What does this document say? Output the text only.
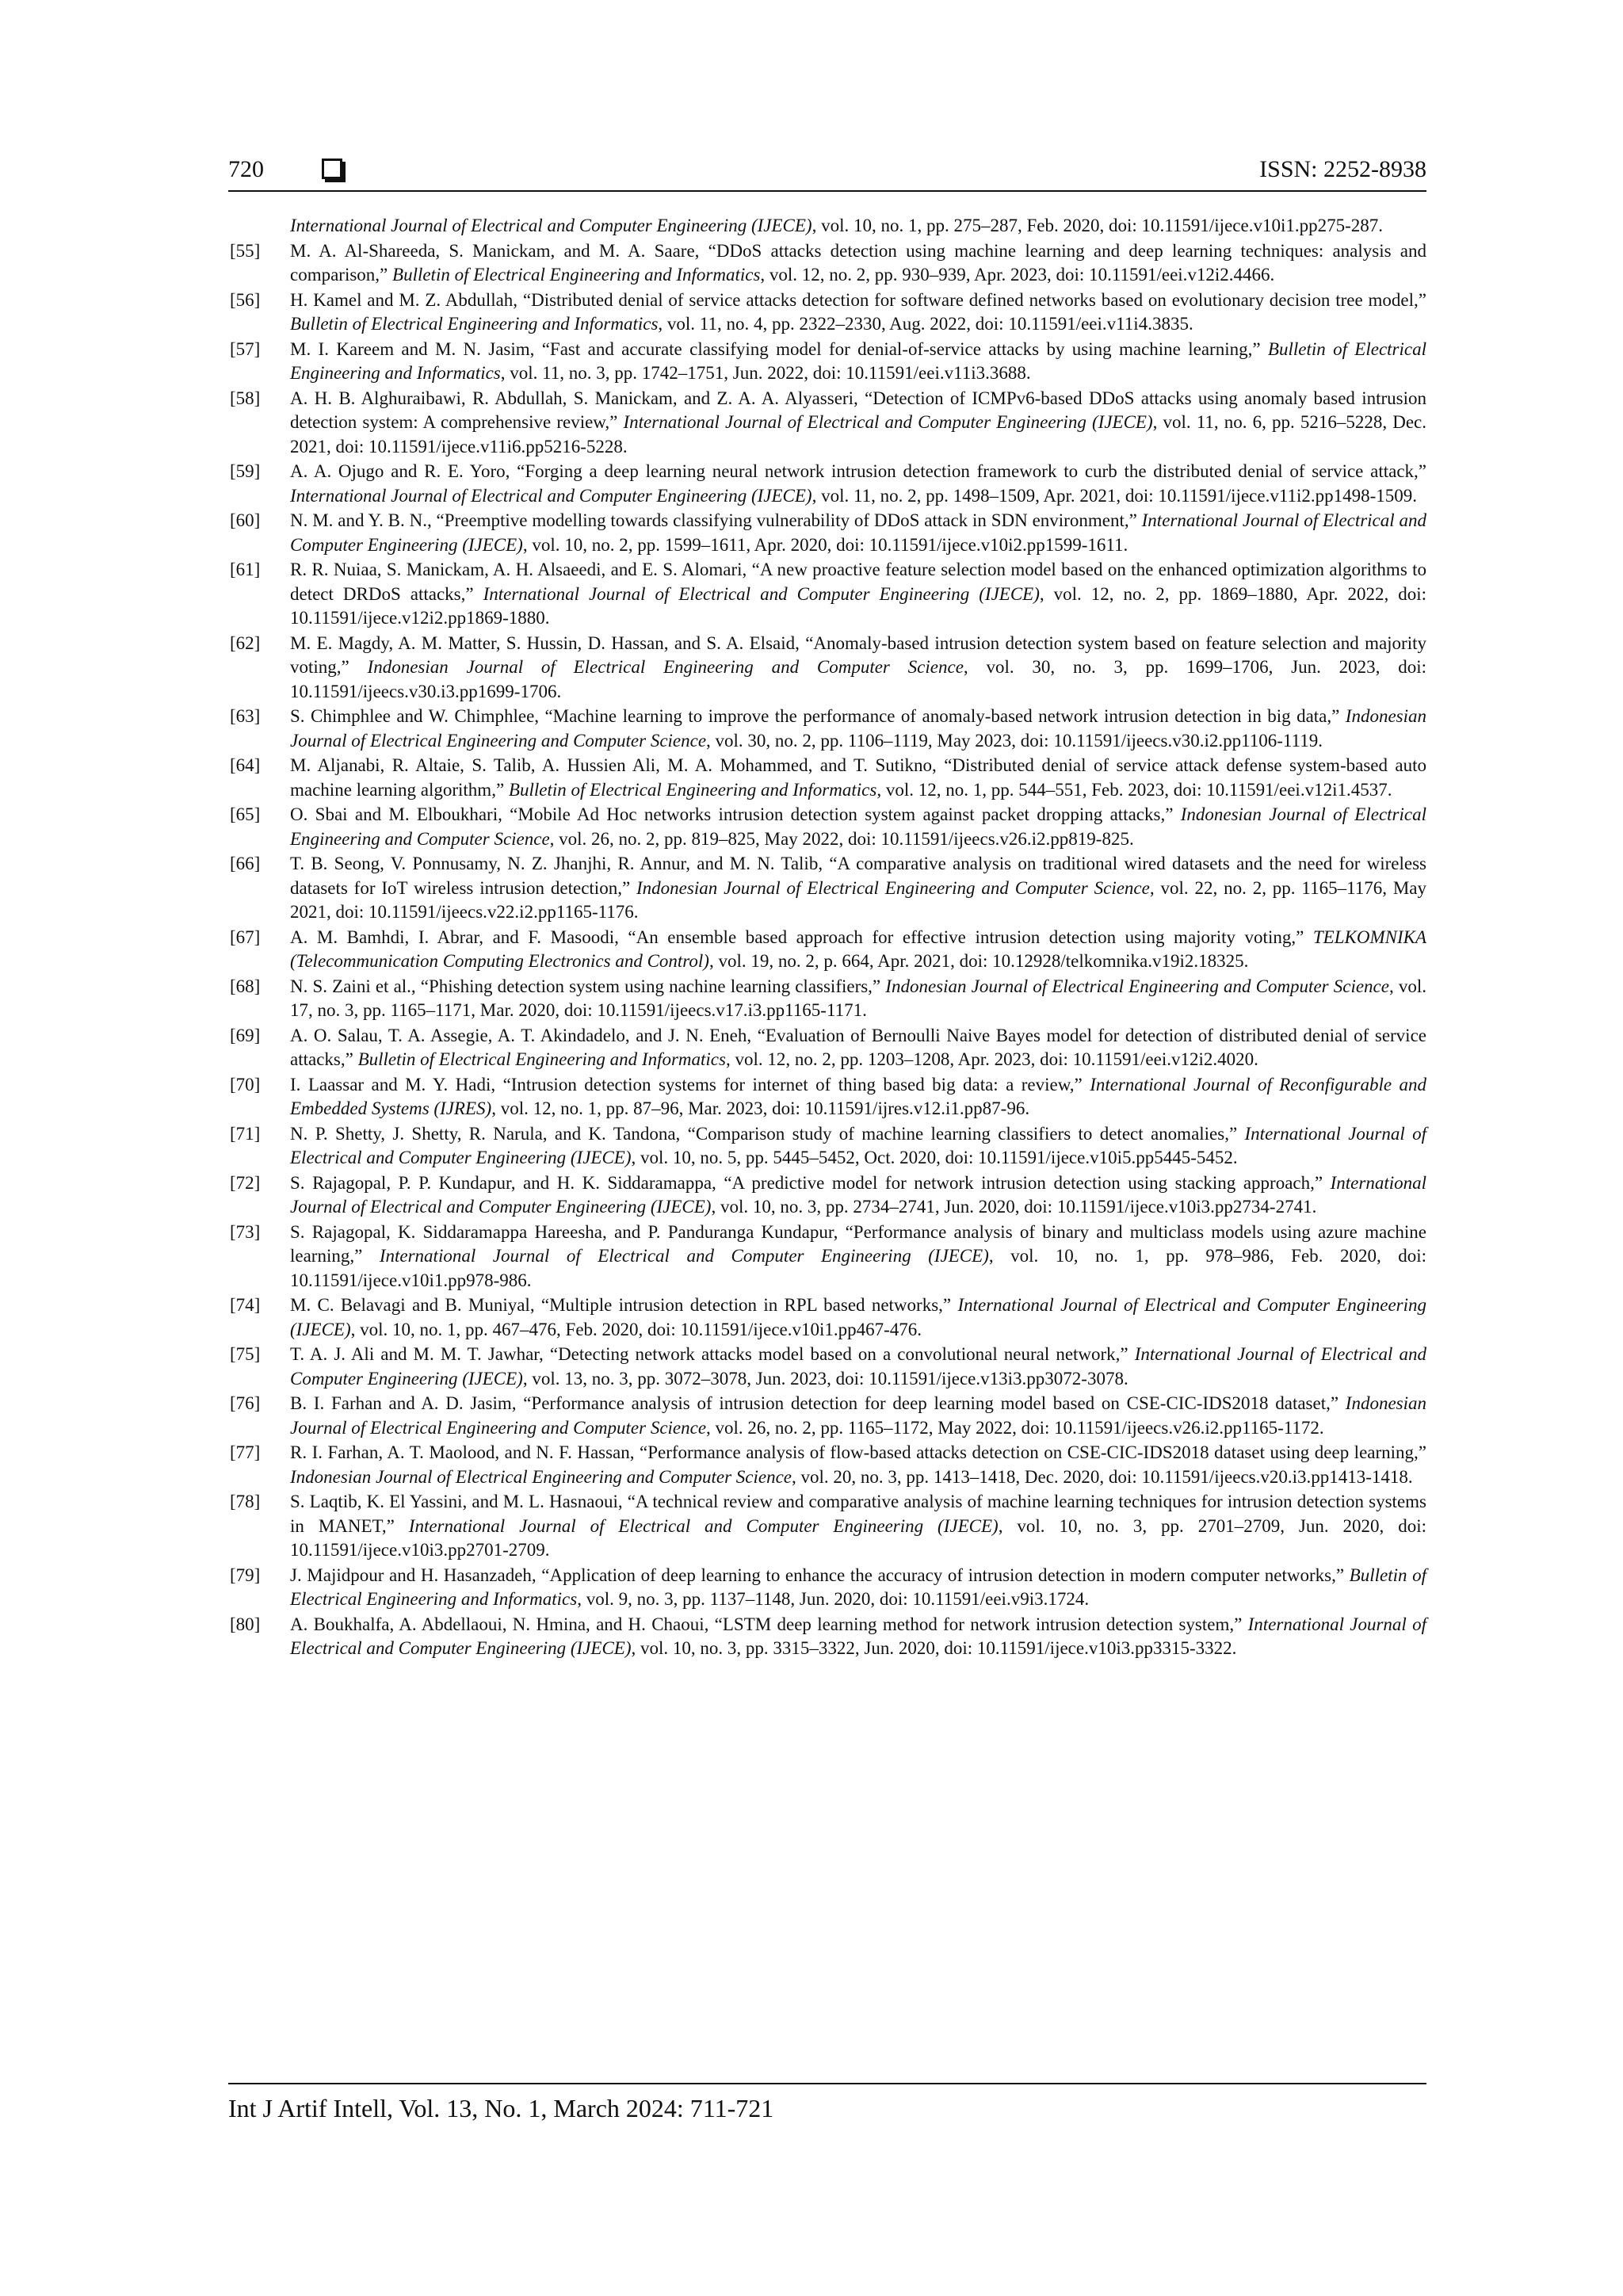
720	ISSN: 2252-8938
International Journal of Electrical and Computer Engineering (IJECE), vol. 10, no. 1, pp. 275–287, Feb. 2020, doi: 10.11591/ijece.v10i1.pp275-287.
[55] M. A. Al-Shareeda, S. Manickam, and M. A. Saare, “DDoS attacks detection using machine learning and deep learning techniques: analysis and comparison,” Bulletin of Electrical Engineering and Informatics, vol. 12, no. 2, pp. 930–939, Apr. 2023, doi: 10.11591/eei.v12i2.4466.
[56] H. Kamel and M. Z. Abdullah, “Distributed denial of service attacks detection for software defined networks based on evolutionary decision tree model,” Bulletin of Electrical Engineering and Informatics, vol. 11, no. 4, pp. 2322–2330, Aug. 2022, doi: 10.11591/eei.v11i4.3835.
[57] M. I. Kareem and M. N. Jasim, “Fast and accurate classifying model for denial-of-service attacks by using machine learning,” Bulletin of Electrical Engineering and Informatics, vol. 11, no. 3, pp. 1742–1751, Jun. 2022, doi: 10.11591/eei.v11i3.3688.
[58] A. H. B. Alghuraibawi, R. Abdullah, S. Manickam, and Z. A. A. Alyasseri, “Detection of ICMPv6-based DDoS attacks using anomaly based intrusion detection system: A comprehensive review,” International Journal of Electrical and Computer Engineering (IJECE), vol. 11, no. 6, pp. 5216–5228, Dec. 2021, doi: 10.11591/ijece.v11i6.pp5216-5228.
[59] A. A. Ojugo and R. E. Yoro, “Forging a deep learning neural network intrusion detection framework to curb the distributed denial of service attack,” International Journal of Electrical and Computer Engineering (IJECE), vol. 11, no. 2, pp. 1498–1509, Apr. 2021, doi: 10.11591/ijece.v11i2.pp1498-1509.
[60] N. M. and Y. B. N., “Preemptive modelling towards classifying vulnerability of DDoS attack in SDN environment,” International Journal of Electrical and Computer Engineering (IJECE), vol. 10, no. 2, pp. 1599–1611, Apr. 2020, doi: 10.11591/ijece.v10i2.pp1599-1611.
[61] R. R. Nuiaa, S. Manickam, A. H. Alsaeedi, and E. S. Alomari, “A new proactive feature selection model based on the enhanced optimization algorithms to detect DRDoS attacks,” International Journal of Electrical and Computer Engineering (IJECE), vol. 12, no. 2, pp. 1869–1880, Apr. 2022, doi: 10.11591/ijece.v12i2.pp1869-1880.
[62] M. E. Magdy, A. M. Matter, S. Hussin, D. Hassan, and S. A. Elsaid, “Anomaly-based intrusion detection system based on feature selection and majority voting,” Indonesian Journal of Electrical Engineering and Computer Science, vol. 30, no. 3, pp. 1699–1706, Jun. 2023, doi: 10.11591/ijeecs.v30.i3.pp1699-1706.
[63] S. Chimphlee and W. Chimphlee, “Machine learning to improve the performance of anomaly-based network intrusion detection in big data,” Indonesian Journal of Electrical Engineering and Computer Science, vol. 30, no. 2, pp. 1106–1119, May 2023, doi: 10.11591/ijeecs.v30.i2.pp1106-1119.
[64] M. Aljanabi, R. Altaie, S. Talib, A. Hussien Ali, M. A. Mohammed, and T. Sutikno, “Distributed denial of service attack defense system-based auto machine learning algorithm,” Bulletin of Electrical Engineering and Informatics, vol. 12, no. 1, pp. 544–551, Feb. 2023, doi: 10.11591/eei.v12i1.4537.
[65] O. Sbai and M. Elboukhari, “Mobile Ad Hoc networks intrusion detection system against packet dropping attacks,” Indonesian Journal of Electrical Engineering and Computer Science, vol. 26, no. 2, pp. 819–825, May 2022, doi: 10.11591/ijeecs.v26.i2.pp819-825.
[66] T. B. Seong, V. Ponnusamy, N. Z. Jhanjhi, R. Annur, and M. N. Talib, “A comparative analysis on traditional wired datasets and the need for wireless datasets for IoT wireless intrusion detection,” Indonesian Journal of Electrical Engineering and Computer Science, vol. 22, no. 2, pp. 1165–1176, May 2021, doi: 10.11591/ijeecs.v22.i2.pp1165-1176.
[67] A. M. Bamhdi, I. Abrar, and F. Masoodi, “An ensemble based approach for effective intrusion detection using majority voting,” TELKOMNIKA (Telecommunication Computing Electronics and Control), vol. 19, no. 2, p. 664, Apr. 2021, doi: 10.12928/telkomnika.v19i2.18325.
[68] N. S. Zaini et al., “Phishing detection system using nachine learning classifiers,” Indonesian Journal of Electrical Engineering and Computer Science, vol. 17, no. 3, pp. 1165–1171, Mar. 2020, doi: 10.11591/ijeecs.v17.i3.pp1165-1171.
[69] A. O. Salau, T. A. Assegie, A. T. Akindadelo, and J. N. Eneh, “Evaluation of Bernoulli Naive Bayes model for detection of distributed denial of service attacks,” Bulletin of Electrical Engineering and Informatics, vol. 12, no. 2, pp. 1203–1208, Apr. 2023, doi: 10.11591/eei.v12i2.4020.
[70] I. Laassar and M. Y. Hadi, “Intrusion detection systems for internet of thing based big data: a review,” International Journal of Reconfigurable and Embedded Systems (IJRES), vol. 12, no. 1, pp. 87–96, Mar. 2023, doi: 10.11591/ijres.v12.i1.pp87-96.
[71] N. P. Shetty, J. Shetty, R. Narula, and K. Tandona, “Comparison study of machine learning classifiers to detect anomalies,” International Journal of Electrical and Computer Engineering (IJECE), vol. 10, no. 5, pp. 5445–5452, Oct. 2020, doi: 10.11591/ijece.v10i5.pp5445-5452.
[72] S. Rajagopal, P. P. Kundapur, and H. K. Siddaramappa, “A predictive model for network intrusion detection using stacking approach,” International Journal of Electrical and Computer Engineering (IJECE), vol. 10, no. 3, pp. 2734–2741, Jun. 2020, doi: 10.11591/ijece.v10i3.pp2734-2741.
[73] S. Rajagopal, K. Siddaramappa Hareesha, and P. Panduranga Kundapur, “Performance analysis of binary and multiclass models using azure machine learning,” International Journal of Electrical and Computer Engineering (IJECE), vol. 10, no. 1, pp. 978–986, Feb. 2020, doi: 10.11591/ijece.v10i1.pp978-986.
[74] M. C. Belavagi and B. Muniyal, “Multiple intrusion detection in RPL based networks,” International Journal of Electrical and Computer Engineering (IJECE), vol. 10, no. 1, pp. 467–476, Feb. 2020, doi: 10.11591/ijece.v10i1.pp467-476.
[75] T. A. J. Ali and M. M. T. Jawhar, “Detecting network attacks model based on a convolutional neural network,” International Journal of Electrical and Computer Engineering (IJECE), vol. 13, no. 3, pp. 3072–3078, Jun. 2023, doi: 10.11591/ijece.v13i3.pp3072-3078.
[76] B. I. Farhan and A. D. Jasim, “Performance analysis of intrusion detection for deep learning model based on CSE-CIC-IDS2018 dataset,” Indonesian Journal of Electrical Engineering and Computer Science, vol. 26, no. 2, pp. 1165–1172, May 2022, doi: 10.11591/ijeecs.v26.i2.pp1165-1172.
[77] R. I. Farhan, A. T. Maolood, and N. F. Hassan, “Performance analysis of flow-based attacks detection on CSE-CIC-IDS2018 dataset using deep learning,” Indonesian Journal of Electrical Engineering and Computer Science, vol. 20, no. 3, pp. 1413–1418, Dec. 2020, doi: 10.11591/ijeecs.v20.i3.pp1413-1418.
[78] S. Laqtib, K. El Yassini, and M. L. Hasnaoui, “A technical review and comparative analysis of machine learning techniques for intrusion detection systems in MANET,” International Journal of Electrical and Computer Engineering (IJECE), vol. 10, no. 3, pp. 2701–2709, Jun. 2020, doi: 10.11591/ijece.v10i3.pp2701-2709.
[79] J. Majidpour and H. Hasanzadeh, “Application of deep learning to enhance the accuracy of intrusion detection in modern computer networks,” Bulletin of Electrical Engineering and Informatics, vol. 9, no. 3, pp. 1137–1148, Jun. 2020, doi: 10.11591/eei.v9i3.1724.
[80] A. Boukhalfa, A. Abdellaoui, N. Hmina, and H. Chaoui, “LSTM deep learning method for network intrusion detection system,” International Journal of Electrical and Computer Engineering (IJECE), vol. 10, no. 3, pp. 3315–3322, Jun. 2020, doi: 10.11591/ijece.v10i3.pp3315-3322.
Int J Artif Intell, Vol. 13, No. 1, March 2024: 711-721
